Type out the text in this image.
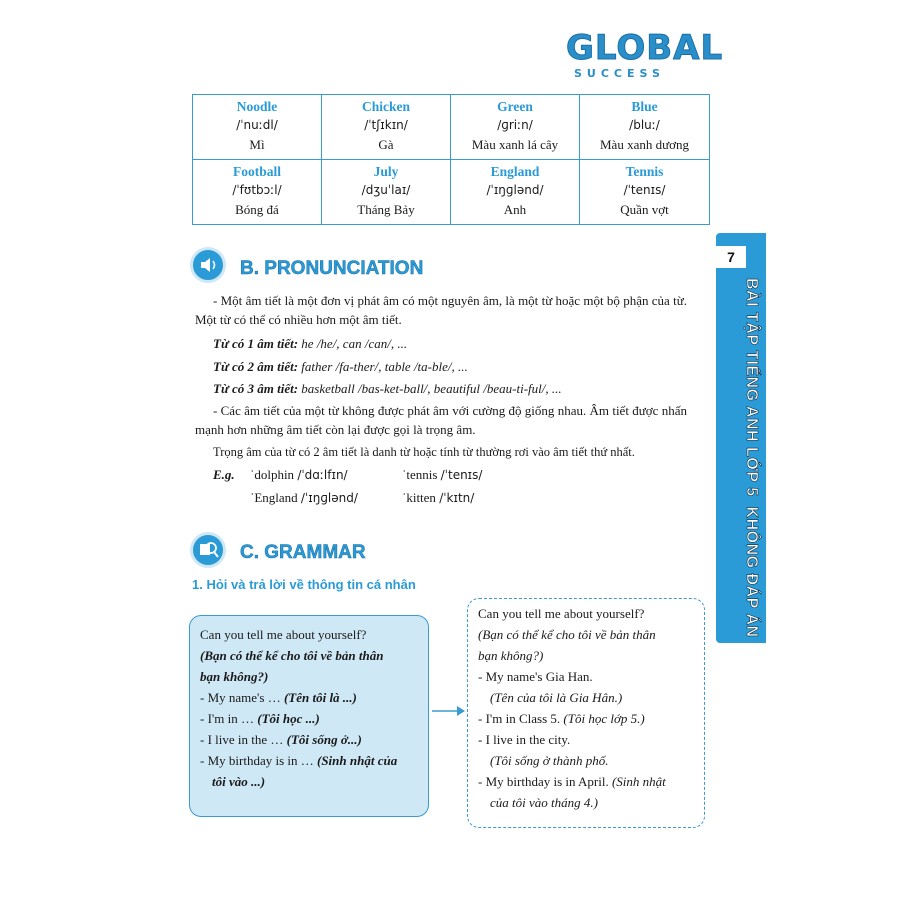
GLOBAL
SUCCESS
Noodle
/ˈnuːdl/
Mì
Chicken
/ˈtʃɪkɪn/
Gà
Green
/ɡriːn/
Màu xanh lá cây
Blue
/bluː/
Màu xanh dương
Football
/ˈfʊtbɔːl/
Bóng đá
July
/dʒuˈlaɪ/
Tháng Bảy
England
/ˈɪŋɡlənd/
Anh
Tennis
/ˈtenɪs/
Quần vợt
7
BÀI TẬP TIẾNG ANH LỚP 5  KHÔNG ĐÁP ÁN
B. PRONUNCIATION
- Một âm tiết là một đơn vị phát âm có một nguyên âm, là một từ hoặc một bộ phận của từ. Một từ có thể có nhiều hơn một âm tiết.
Từ có 1 âm tiết: he /he/, can /can/, ...
Từ có 2 âm tiết: father /fa-ther/, table /ta-ble/, ...
Từ có 3 âm tiết: basketball /bas-ket-ball/, beautiful /beau-ti-ful/, ...
- Các âm tiết của một từ không được phát âm với cường độ giống nhau. Âm tiết được nhấn mạnh hơn những âm tiết còn lại được gọi là trọng âm.
Trọng âm của từ có 2 âm tiết là danh từ hoặc tính từ thường rơi vào âm tiết thứ nhất.
E.g. ˈdolphin /ˈdɑːlfɪn/	ˈtennis /ˈtenɪs/
ˈEngland /ˈɪŋɡlənd/	ˈkitten /ˈkɪtn/
C. GRAMMAR
1. Hỏi và trả lời về thông tin cá nhân
Can you tell me about yourself?
(Bạn có thể kể cho tôi về bản thân
bạn không?)
- My name's … (Tên tôi là ...)
- I'm in … (Tôi học ...)
- I live in the … (Tôi sống ở...)
- My birthday is in … (Sinh nhật của
tôi vào ...)
Can you tell me about yourself?
(Bạn có thể kể cho tôi về bản thân
bạn không?)
- My name's Gia Han.
(Tên của tôi là Gia Hân.)
- I'm in Class 5. (Tôi học lớp 5.)
- I live in the city.
(Tôi sống ở thành phố.
- My birthday is in April. (Sinh nhật
của tôi vào tháng 4.)
